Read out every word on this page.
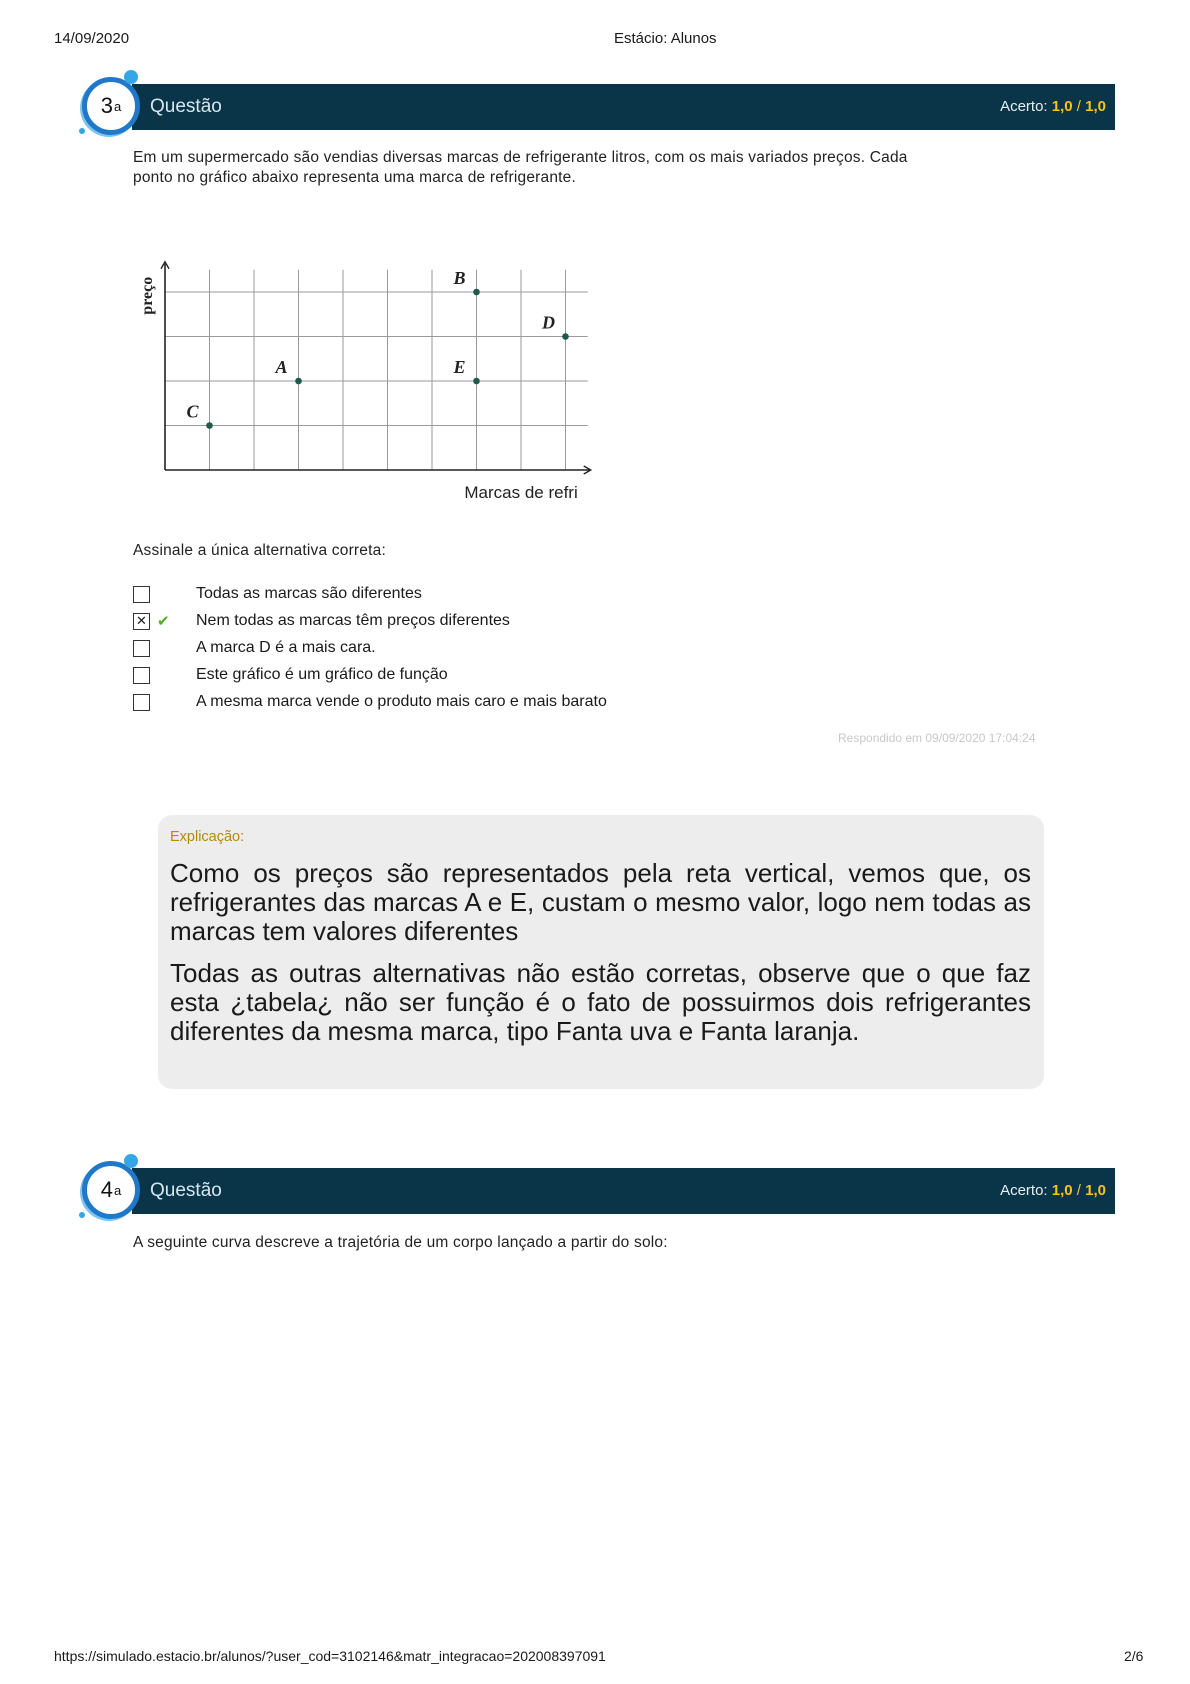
14/09/2020	Estácio: Alunos
Questão	Acerto: 1,0 / 1,0
3 a
Em um supermercado são vendias diversas marcas de refrigerante litros, com os mais variados preços. Cada
ponto no gráfico abaixo representa uma marca de refrigerante.
Marcas de refri
preço
C
A	E
B
D
Assinale a única alternativa correta:
Todas as marcas são diferentes
✕ ✔ Nem todas as marcas têm preços diferentes
A marca D é a mais cara.
Este gráfico é um gráfico de função
A mesma marca vende o produto mais caro e mais barato
Respondido em 09/09/2020 17:04:24
Explicação:
Como os preços são representados pela reta vertical, vemos que, os refrigerantes das marcas A e E, custam o mesmo valor, logo nem todas as marcas tem valores diferentes
Todas as outras alternativas não estão corretas, observe que o que faz esta ¿tabela¿ não ser função é o fato de possuirmos dois refrigerantes diferentes da mesma marca, tipo Fanta uva e Fanta laranja.
Questão	Acerto: 1,0 / 1,0
4 a
A seguinte curva descreve a trajetória de um corpo lançado a partir do solo:
https://simulado.estacio.br/alunos/?user_cod=3102146&matr_integracao=202008397091	2/6
